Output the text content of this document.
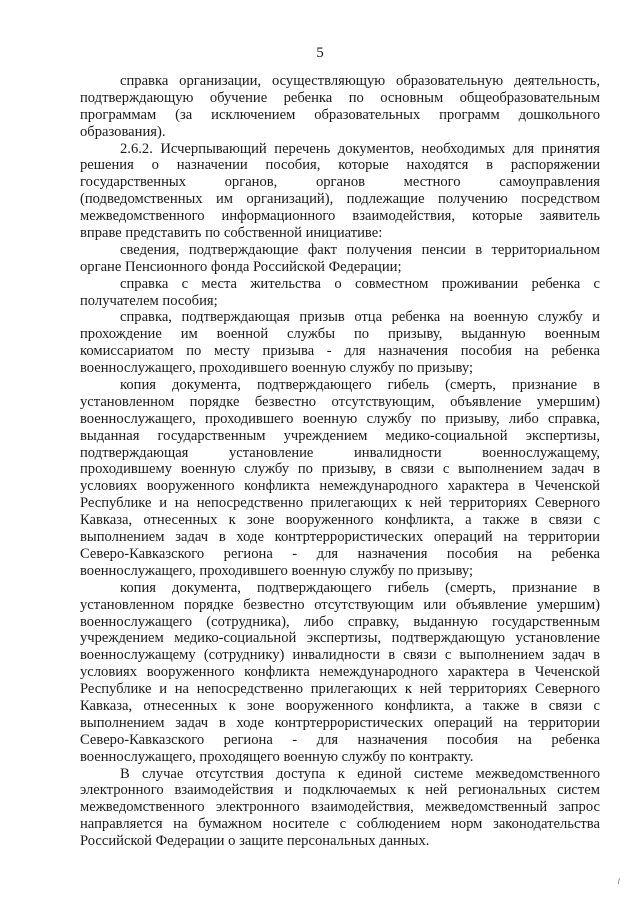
5
справка организации, осуществляющую образовательную деятельность,
подтверждающую обучение ребенка по основным общеобразовательным
программам (за исключением образовательных программ дошкольного
образования).
2.6.2. Исчерпывающий перечень документов, необходимых для принятия
решения о назначении пособия, которые находятся в распоряжении
государственных органов, органов местного самоуправления
(подведомственных им организаций), подлежащие получению посредством
межведомственного информационного взаимодействия, которые заявитель
вправе представить по собственной инициативе:
сведения, подтверждающие факт получения пенсии в территориальном
органе Пенсионного фонда Российской Федерации;
справка с места жительства о совместном проживании ребенка с
получателем пособия;
справка, подтверждающая призыв отца ребенка на военную службу и
прохождение им военной службы по призыву, выданную военным
комиссариатом по месту призыва - для назначения пособия на ребенка
военнослужащего, проходившего военную службу по призыву;
копия документа, подтверждающего гибель (смерть, признание в
установленном порядке безвестно отсутствующим, объявление умершим)
военнослужащего, проходившего военную службу по призыву, либо справка,
выданная государственным учреждением медико-социальной экспертизы,
подтверждающая установление инвалидности военнослужащему,
проходившему военную службу по призыву, в связи с выполнением задач в
условиях вооруженного конфликта немеждународного характера в Чеченской
Республике и на непосредственно прилегающих к ней территориях Северного
Кавказа, отнесенных к зоне вооруженного конфликта, а также в связи с
выполнением задач в ходе контртеррористических операций на территории
Северо-Кавказского региона - для назначения пособия на ребенка
военнослужащего, проходившего военную службу по призыву;
копия документа, подтверждающего гибель (смерть, признание в
установленном порядке безвестно отсутствующим или объявление умершим)
военнослужащего (сотрудника), либо справку, выданную государственным
учреждением медико-социальной экспертизы, подтверждающую установление
военнослужащему (сотруднику) инвалидности в связи с выполнением задач в
условиях вооруженного конфликта немеждународного характера в Чеченской
Республике и на непосредственно прилегающих к ней территориях Северного
Кавказа, отнесенных к зоне вооруженного конфликта, а также в связи с
выполнением задач в ходе контртеррористических операций на территории
Северо-Кавказского региона - для назначения пособия на ребенка
военнослужащего, проходящего военную службу по контракту.
В случае отсутствия доступа к единой системе межведомственного
электронного взаимодействия и подключаемых к ней региональных систем
межведомственного электронного взаимодействия, межведомственный запрос
направляется на бумажном носителе с соблюдением норм законодательства
Российской Федерации о защите персональных данных.
⸝
